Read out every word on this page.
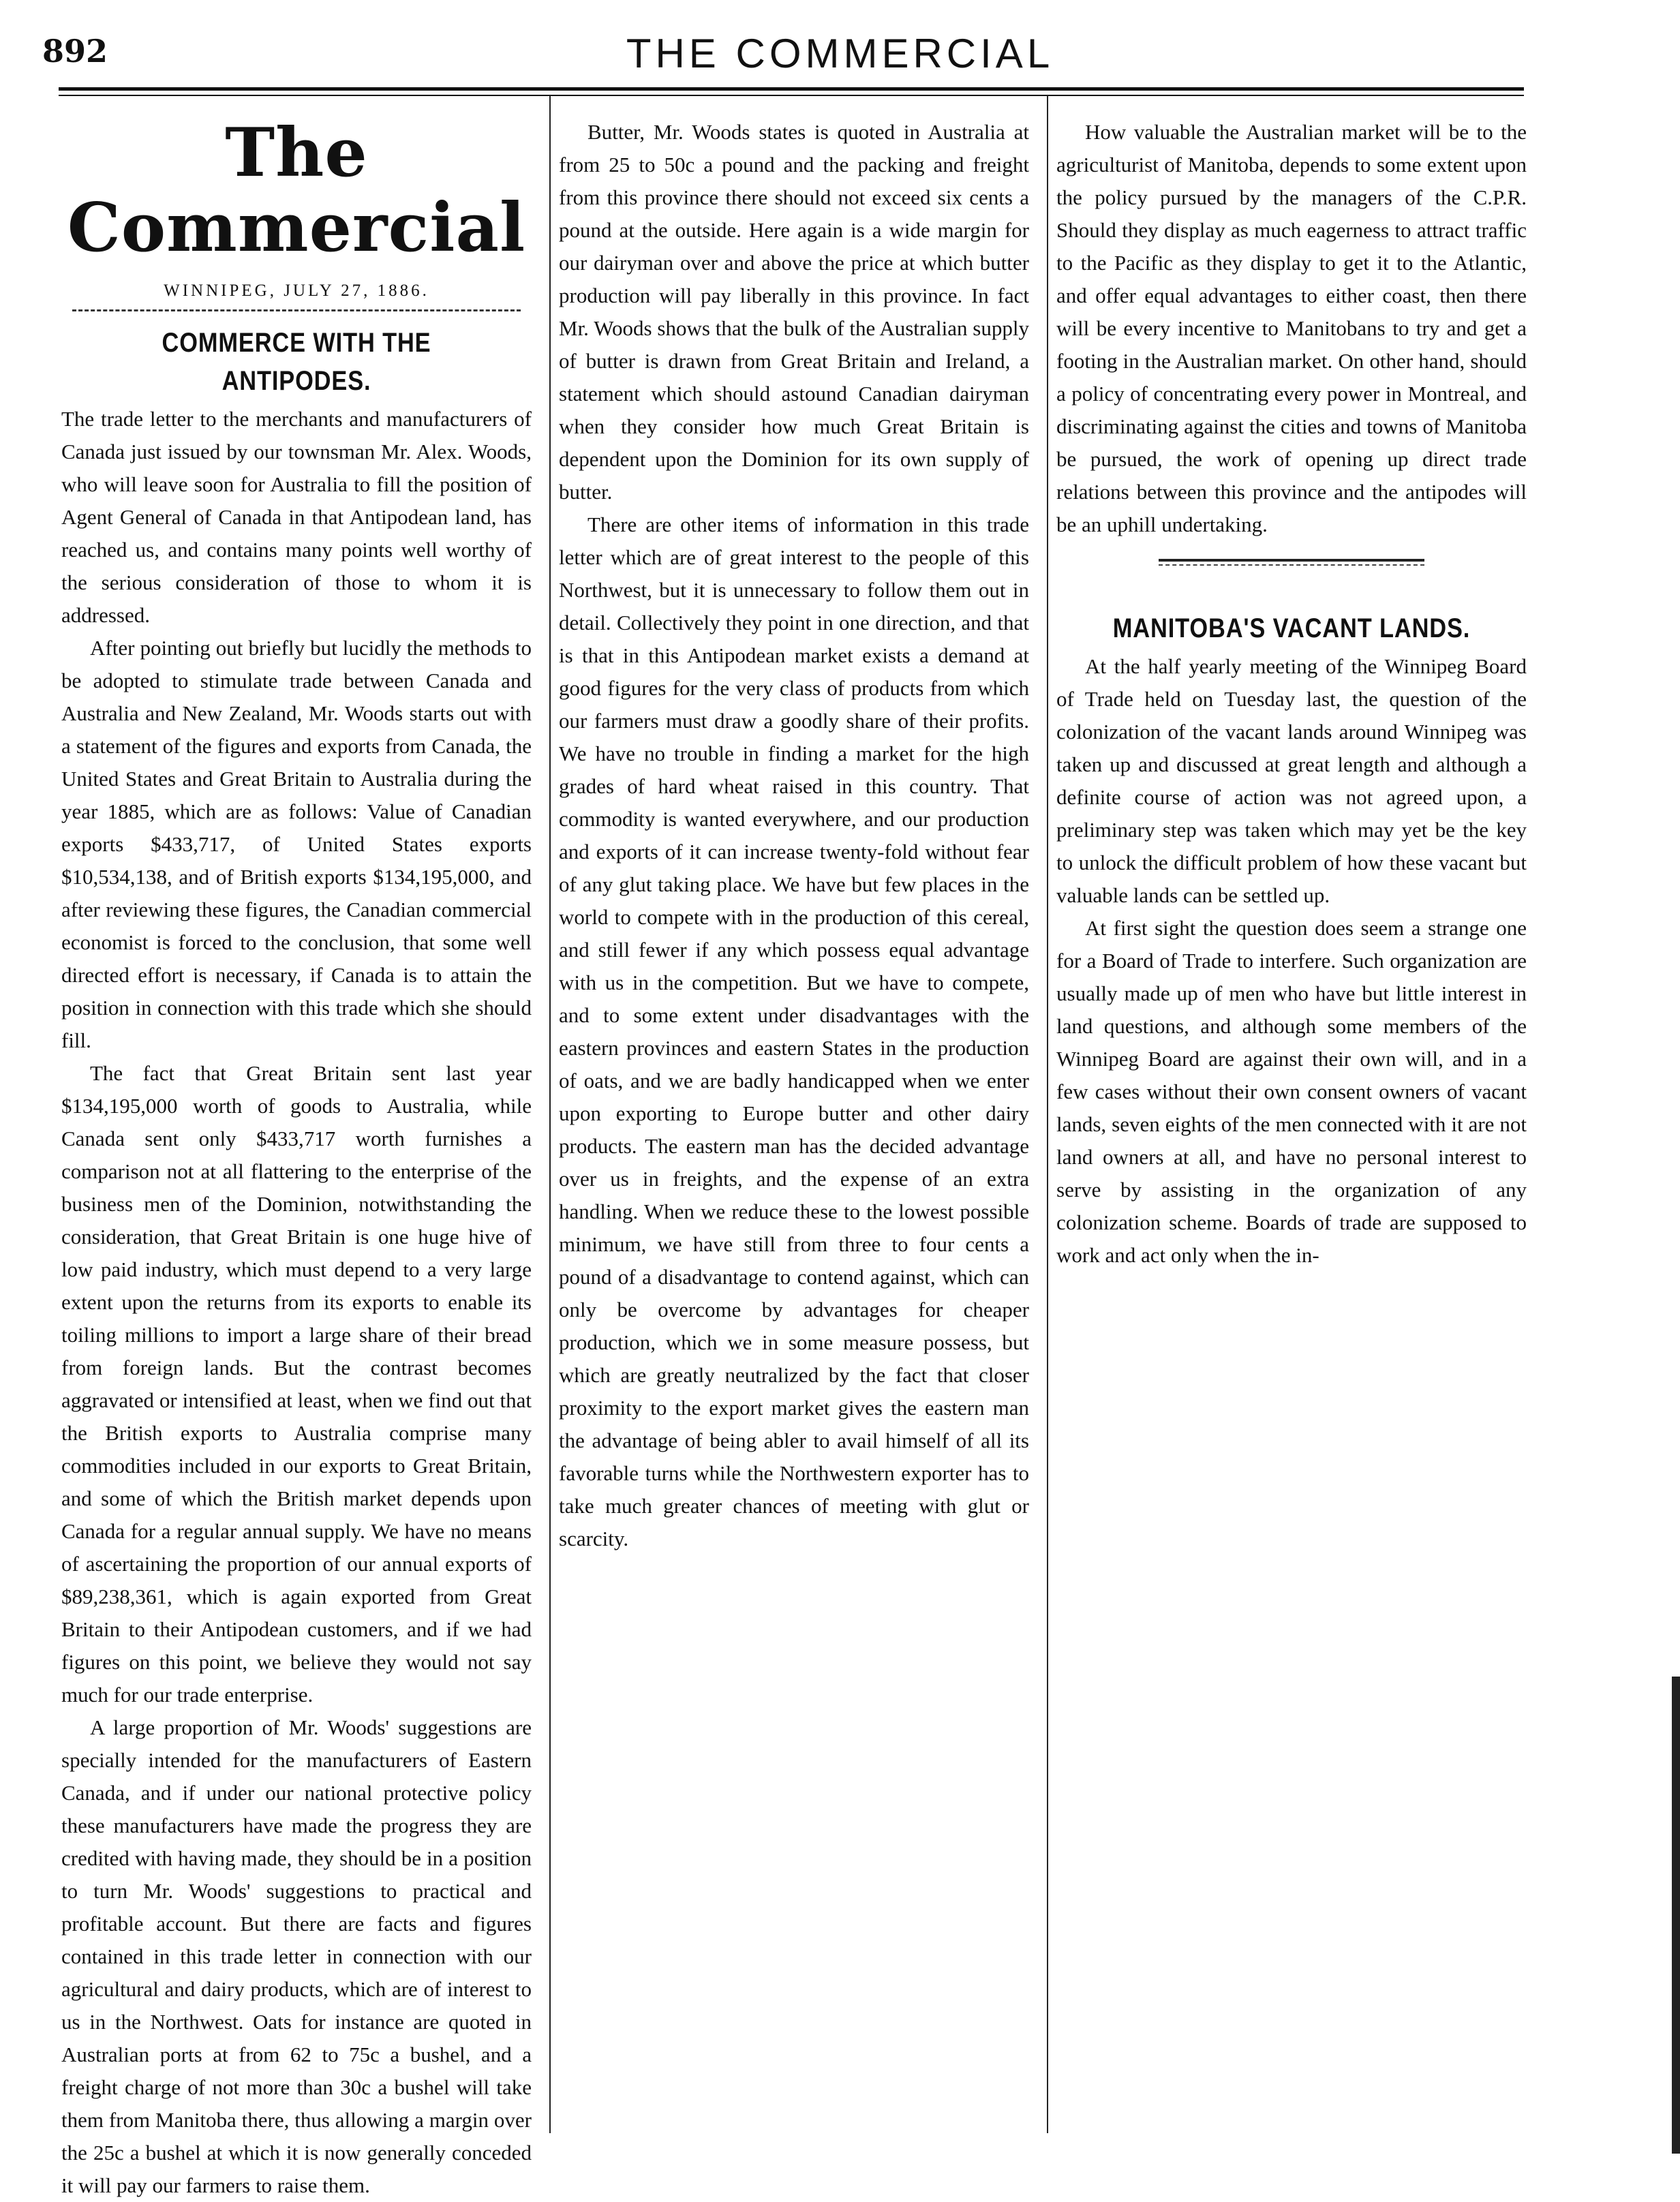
892	THE COMMERCIAL
The Commercial
WINNIPEG, JULY 27, 1886.
COMMERCE WITH THE ANTIPODES.

The trade letter to the merchants and manufacturers of Canada just issued by our townsman Mr. Alex. Woods, who will leave soon for Australia to fill the position of Agent General of Canada in that Antipodean land, has reached us, and contains many points well worthy of the serious consideration of those to whom it is addressed.

After pointing out briefly but lucidly the methods to be adopted to stimulate trade between Canada and Australia and New Zealand, Mr. Woods starts out with a statement of the figures and exports from Canada, the United States and Great Britain to Australia during the year 1885, which are as follows: Value of Canadian exports $433,717, of United States exports $10,534,138, and of British exports $134,195,000, and after reviewing these figures, the Canadian commercial economist is forced to the conclusion, that some well directed effort is necessary, if Canada is to attain the position in connection with this trade which she should fill.

The fact that Great Britain sent last year $134,195,000 worth of goods to Australia, while Canada sent only $433,717 worth furnishes a comparison not at all flattering to the enterprise of the business men of the Dominion, notwithstanding the consideration, that Great Britain is one huge hive of low paid industry, which must depend to a very large extent upon the returns from its exports to enable its toiling millions to import a large share of their bread from foreign lands. But the contrast becomes aggravated or intensified at least, when we find out that the British exports to Australia comprise many commodities included in our exports to Great Britain, and some of which the British market depends upon Canada for a regular annual supply. We have no means of ascertaining the proportion of our annual exports of $89,238,361, which is again exported from Great Britain to their Antipodean customers, and if we had figures on this point, we believe they would not say much for our trade enterprise.

A large proportion of Mr. Woods' suggestions are specially intended for the manufacturers of Eastern Canada, and if under our national protective policy these manufacturers have made the progress they are credited with having made, they should be in a position to turn Mr. Woods' suggestions to practical and profitable account. But there are facts and figures contained in this trade letter in connection with our agricultural and dairy products, which are of interest to us in the Northwest. Oats for instance are quoted in Australian ports at from 62 to 75c a bushel, and a freight charge of not more than 30c a bushel will take them from Manitoba there, thus allowing a margin over the 25c a bushel at which it is now generally conceded it will pay our farmers to raise them.

Butter, Mr. Woods states is quoted in Australia at from 25 to 50c a pound and the packing and freight from this province there should not exceed six cents a pound at the outside. Here again is a wide margin for our dairyman over and above the price at which butter production will pay liberally in this province. In fact Mr. Woods shows that the bulk of the Australian supply of butter is drawn from Great Britain and Ireland, a statement which should astound Canadian dairyman when they consider how much Great Britain is dependent upon the Dominion for its own supply of butter.

There are other items of information in this trade letter which are of great interest to the people of this Northwest, but it is unnecessary to follow them out in detail. Collectively they point in one direction, and that is that in this Antipodean market exists a demand at good figures for the very class of products from which our farmers must draw a goodly share of their profits. We have no trouble in finding a market for the high grades of hard wheat raised in this country. That commodity is wanted everywhere, and our production and exports of it can increase twenty-fold without fear of any glut taking place. We have but few places in the world to compete with in the production of this cereal, and still fewer if any which possess equal advantage with us in the competition. But we have to compete, and to some extent under disadvantages with the eastern provinces and eastern States in the production of oats, and we are badly handicapped when we enter upon exporting to Europe butter and other dairy products. The eastern man has the decided advantage over us in freights, and the expense of an extra handling. When we reduce these to the lowest possible minimum, we have still from three to four cents a pound of a disadvantage to contend against, which can only be overcome by advantages for cheaper production, which we in some measure possess, but which are greatly neutralized by the fact that closer proximity to the export market gives the eastern man the advantage of being abler to avail himself of all its favorable turns while the Northwestern exporter has to take much greater chances of meeting with glut or scarcity.

How valuable the Australian market will be to the agriculturist of Manitoba, depends to some extent upon the policy pursued by the managers of the C.P.R. Should they display as much eagerness to attract traffic to the Pacific as they display to get it to the Atlantic, and offer equal advantages to either coast, then there will be every incentive to Manitobans to try and get a footing in the Australian market. On other hand, should a policy of concentrating every power in Montreal, and discriminating against the cities and towns of Manitoba be pursued, the work of opening up direct trade relations between this province and the antipodes will be an uphill undertaking.

MANITOBA'S VACANT LANDS.

At the half yearly meeting of the Winnipeg Board of Trade held on Tuesday last, the question of the colonization of the vacant lands around Winnipeg was taken up and discussed at great length and although a definite course of action was not agreed upon, a preliminary step was taken which may yet be the key to unlock the difficult problem of how these vacant but valuable lands can be settled up.

At first sight the question does seem a strange one for a Board of Trade to interfere. Such organization are usually made up of men who have but little interest in land questions, and although some members of the Winnipeg Board are against their own will, and in a few cases without their own consent owners of vacant lands, seven eights of the men connected with it are not land owners at all, and have no personal interest to serve by assisting in the organization of any colonization scheme. Boards of trade are supposed to work and act only when the in-
